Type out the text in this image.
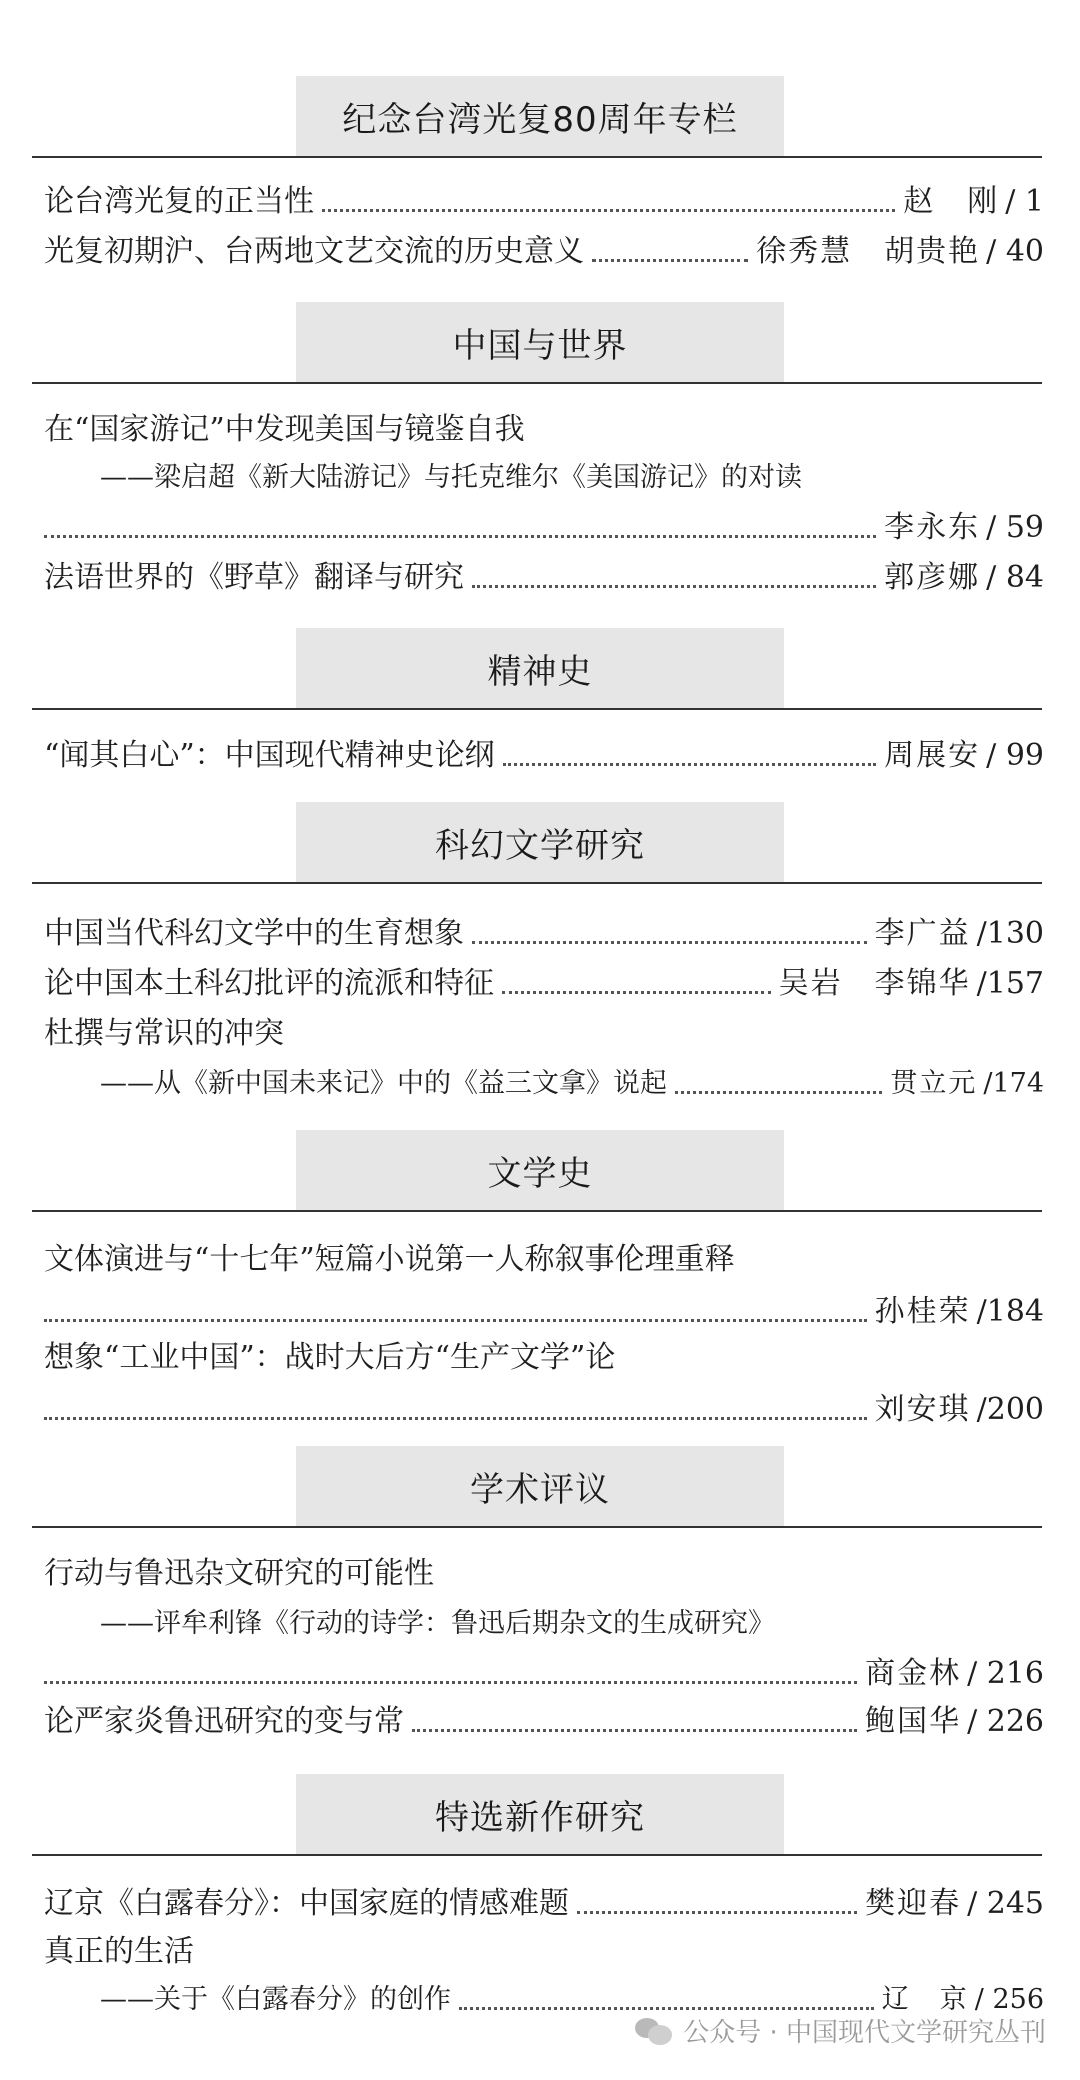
纪念台湾光复80周年专栏
论台湾光复的正当性	赵　刚 / 1
光复初期沪、台两地文艺交流的历史意义	徐秀慧　胡贵艳 / 40
中国与世界
在“国家游记”中发现美国与镜鉴自我
——梁启超《新大陆游记》与托克维尔《美国游记》的对读
李永东 / 59
法语世界的《野草》翻译与研究	郭彦娜 / 84
精神史
“闻其白心”：中国现代精神史论纲	周展安 / 99
科幻文学研究
中国当代科幻文学中的生育想象	李广益 /130
论中国本土科幻批评的流派和特征	吴岩　李锦华 /157
杜撰与常识的冲突
——从《新中国未来记》中的《益三文拿》说起	贯立元 /174
文学史
文体演进与“十七年”短篇小说第一人称叙事伦理重释
孙桂荣 /184
想象“工业中国”：战时大后方“生产文学”论
刘安琪 /200
学术评议
行动与鲁迅杂文研究的可能性
——评牟利锋《行动的诗学：鲁迅后期杂文的生成研究》
商金林 / 216
论严家炎鲁迅研究的变与常	鲍国华 / 226
特选新作研究
辽京《白露春分》：中国家庭的情感难题	樊迎春 / 245
真正的生活
——关于《白露春分》的创作	辽　京 / 256
公众号 · 中国现代文学研究丛刊
